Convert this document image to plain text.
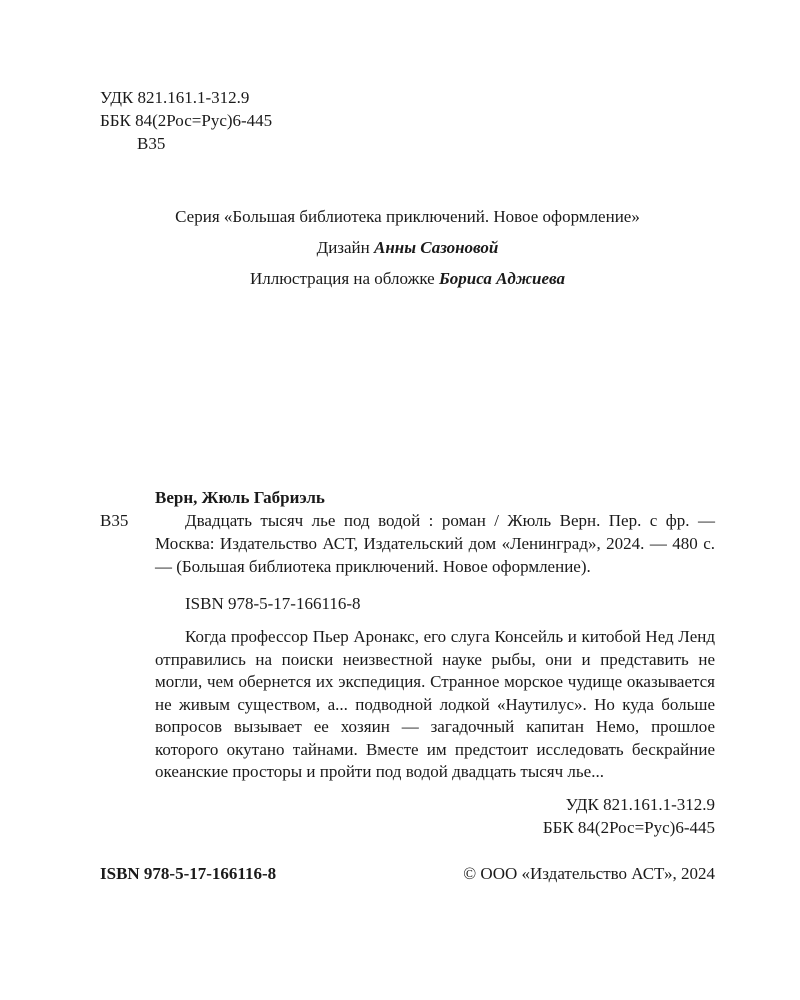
УДК 821.161.1-312.9
ББК 84(2Рос=Рус)6-445
В35
Серия «Большая библиотека приключений. Новое оформление»
Дизайн Анны Сазоновой
Иллюстрация на обложке Бориса Аджиева
Верн, Жюль Габриэль
В35	Двадцать тысяч лье под водой : роман / Жюль Верн. Пер. с фр. — Москва: Издательство АСТ, Издательский дом «Ленинград», 2024. — 480 с. — (Большая библиотека приключений. Новое оформление).

ISBN 978-5-17-166116-8

Когда профессор Пьер Аронакс, его слуга Консейль и китобой Нед Ленд отправились на поиски неизвестной науке рыбы, они и представить не могли, чем обернется их экспедиция. Странное морское чудище оказывается не живым существом, а... подводной лодкой «Наутилус». Но куда больше вопросов вызывает ее хозяин — загадочный капитан Немо, прошлое которого окутано тайнами. Вместе им предстоит исследовать бескрайние океанские просторы и пройти под водой двадцать тысяч лье...

УДК 821.161.1-312.9
ББК 84(2Рос=Рус)6-445
ISBN 978-5-17-166116-8	© ООО «Издательство АСТ», 2024
